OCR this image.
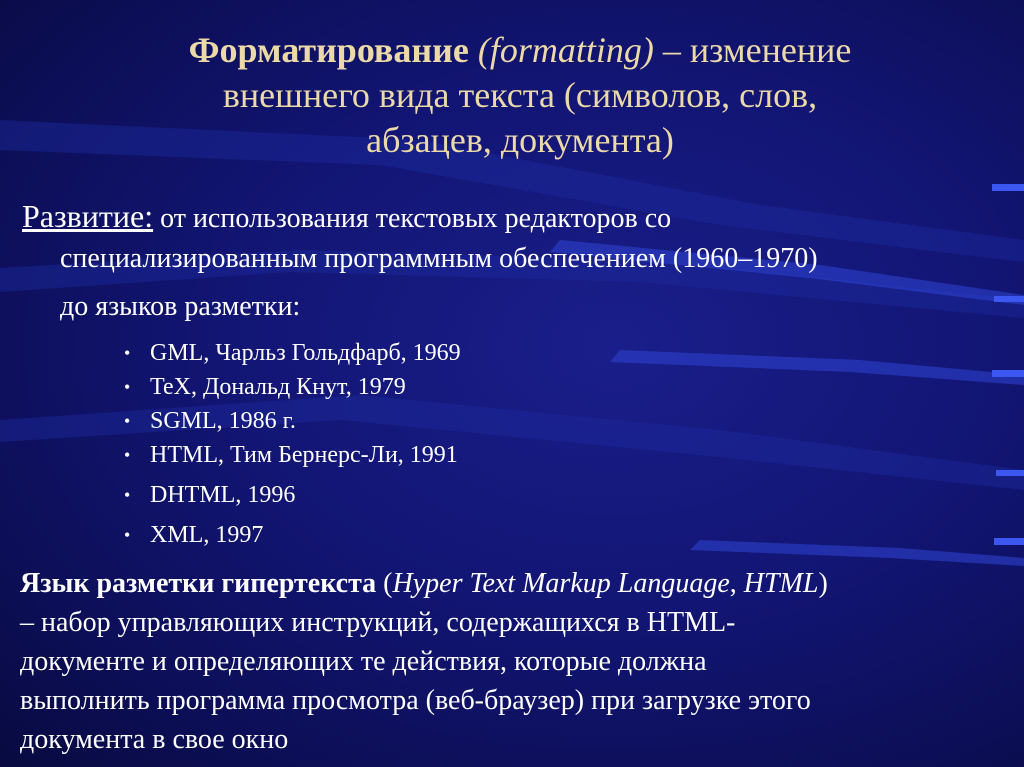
Форматирование (formatting) – изменение
внешнего вида текста (символов, слов,
абзацев, документа)
Развитие: от использования текстовых редакторов со
специализированным программным обеспечением (1960–1970)
до языков разметки:
• GML, Чарльз Гольдфарб, 1969
• TeX, Дональд Кнут, 1979
• SGML, 1986 г.
• HTML, Тим Бернерс-Ли, 1991
• DHTML, 1996
• XML, 1997
Язык разметки гипертекста (Hyper Text Markup Language, HTML)
– набор управляющих инструкций, содержащихся в HTML-
документе и определяющих те действия, которые должна
выполнить программа просмотра (веб-браузер) при загрузке этого
документа в свое окно
